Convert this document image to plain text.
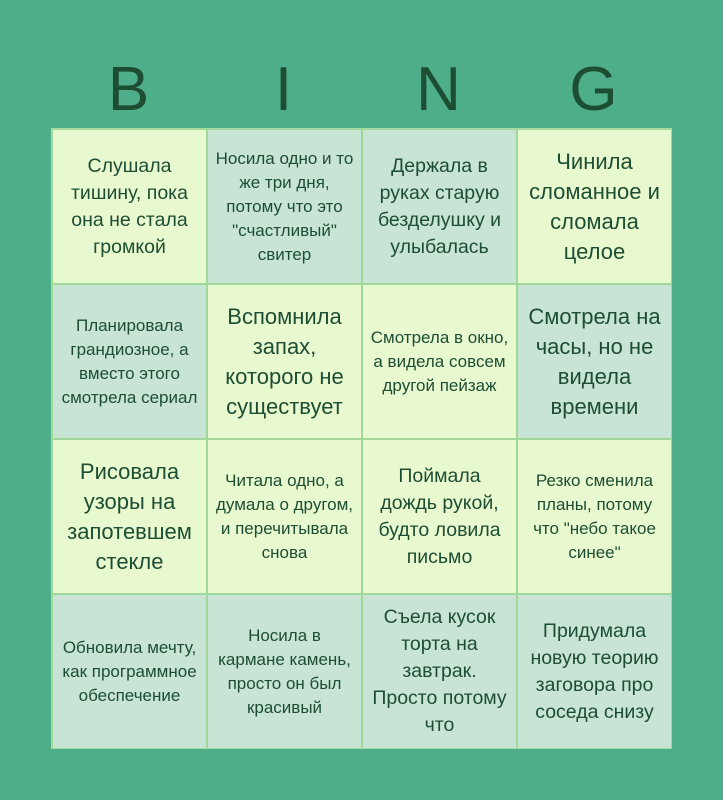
B	I	N	G
Слушала тишину, пока она не стала громкой
Носила одно и то же три дня, потому что это "счастливый" свитер
Держала в руках старую безделушку и улыбалась
Чинила сломанное и сломала целое
Планировала грандиозное, а вместо этого смотрела сериал
Вспомнила запах, которого не существует
Смотрела в окно, а видела совсем другой пейзаж
Смотрела на часы, но не видела времени
Рисовала узоры на запотевшем стекле
Читала одно, а думала о другом, и перечитывала снова
Поймала дождь рукой, будто ловила письмо
Резко сменила планы, потому что "небо такое синее"
Обновила мечту, как программное обеспечение
Носила в кармане камень, просто он был красивый
Съела кусок торта на завтрак. Просто потому что
Придумала новую теорию заговора про соседа снизу
